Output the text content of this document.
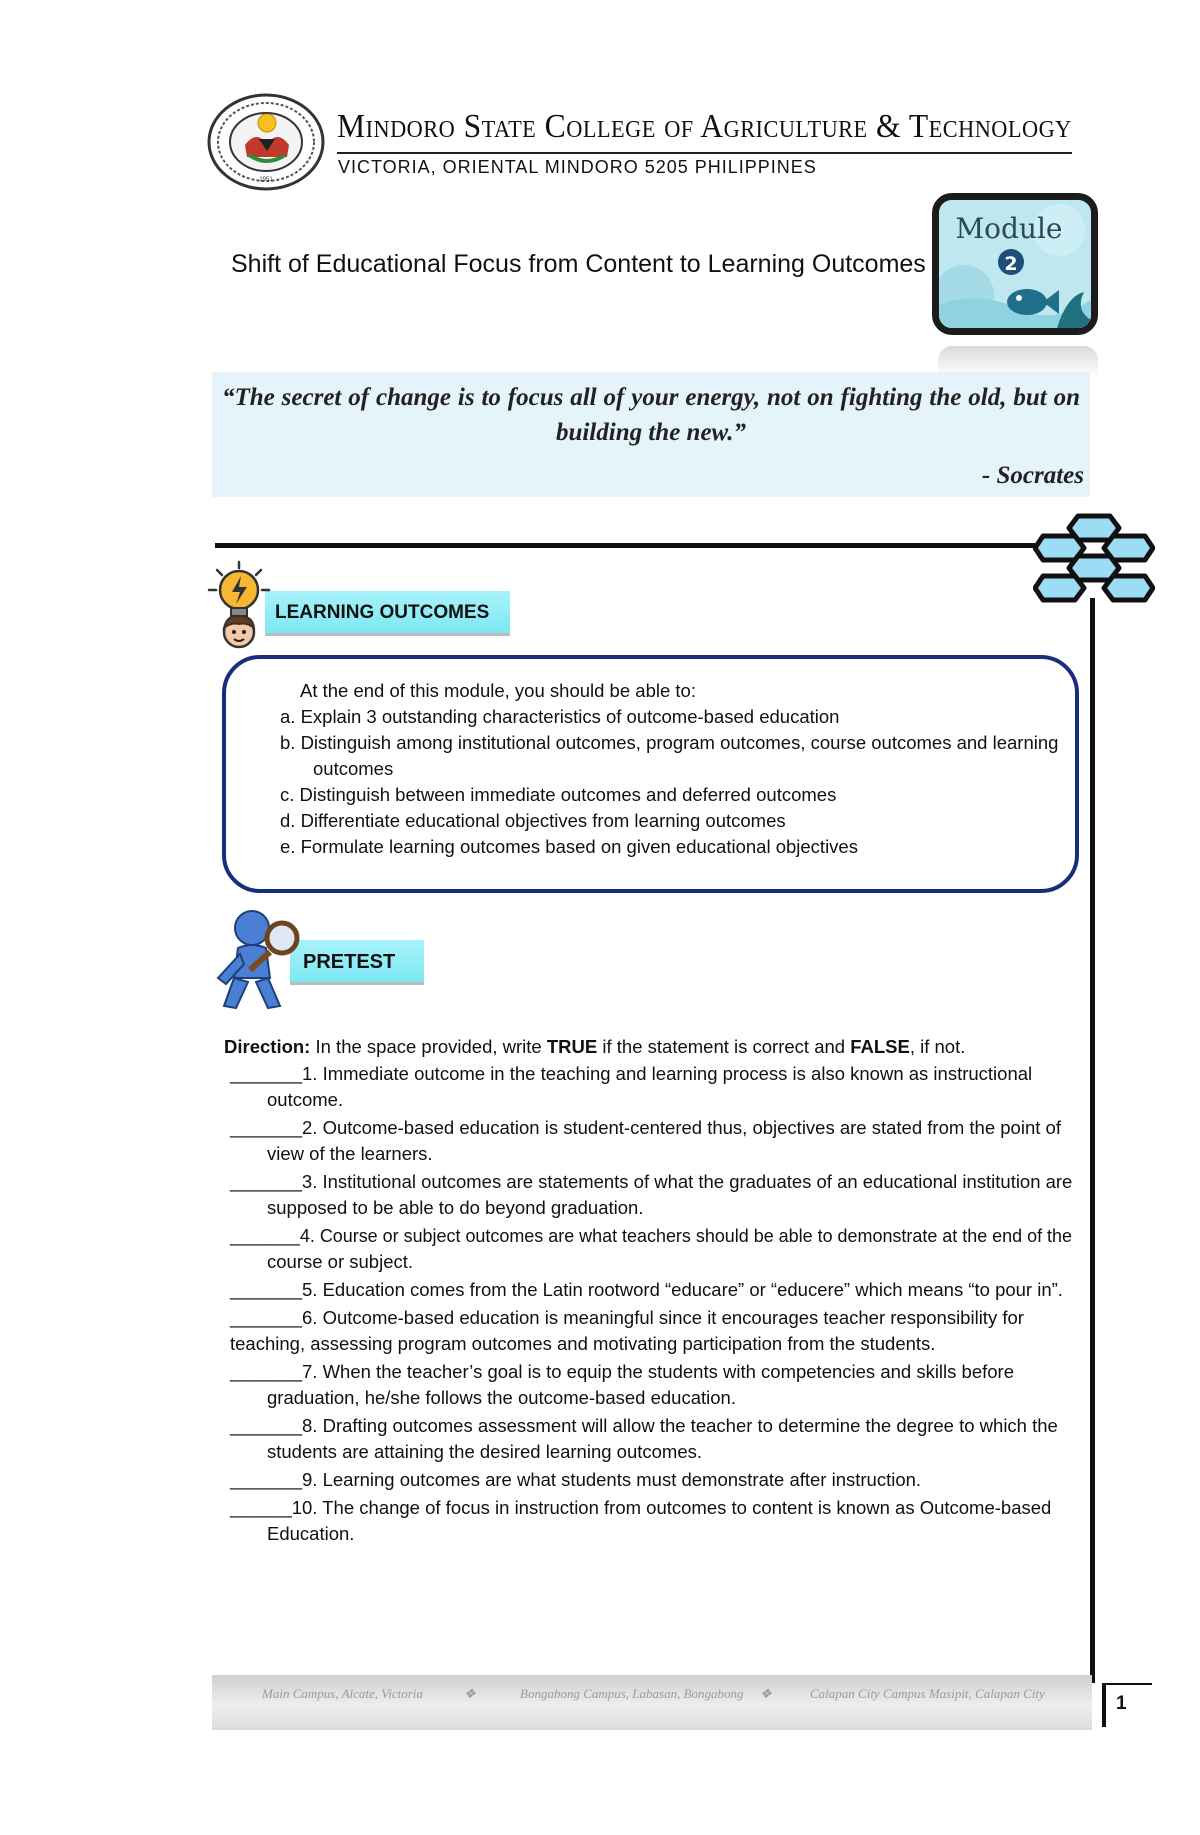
1951
Mindoro State College of Agriculture & Technology
VICTORIA, ORIENTAL MINDORO 5205 PHILIPPINES
Shift of Educational Focus from Content to Learning Outcomes
Module
2
“The secret of change is to focus all of your energy, not on fighting the old, but on building the new.”
- Socrates
LEARNING OUTCOMES
At the end of this module, you should be able to:
a. Explain 3 outstanding characteristics of outcome-based education
b. Distinguish among institutional outcomes, program outcomes, course outcomes and learning
outcomes
c. Distinguish between immediate outcomes and deferred outcomes
d. Differentiate educational objectives from learning outcomes
e. Formulate learning outcomes based on given educational objectives
PRETEST
Direction: In the space provided, write TRUE if the statement is correct and FALSE, if not.
_______1. Immediate outcome in the teaching and learning process is also known as instructional
outcome.
_______2. Outcome-based education is student-centered thus, objectives are stated from the point of
view of the learners.
_______3. Institutional outcomes are statements of what the graduates of an educational institution are
supposed to be able to do beyond graduation.
_______4. Course or subject outcomes are what teachers should be able to demonstrate at the end of the
course or subject.
_______5. Education comes from the Latin rootword “educare” or “educere” which means “to pour in”.
_______6. Outcome-based education is meaningful since it encourages teacher responsibility for
teaching, assessing program outcomes and motivating participation from the students.
_______7. When the teacher’s goal is to equip the students with competencies and skills before
graduation, he/she follows the outcome-based education.
_______8. Drafting outcomes assessment will allow the teacher to determine the degree to which the
students are attaining the desired learning outcomes.
_______9. Learning outcomes are what students must demonstrate after instruction.
______10. The change of focus in instruction from outcomes to content is known as Outcome-based
Education.
Main Campus, Alcate, Victoria	❖	Bongabong Campus, Labasan, Bongabong ❖	Calapan City Campus Masipit, Calapan City	1
